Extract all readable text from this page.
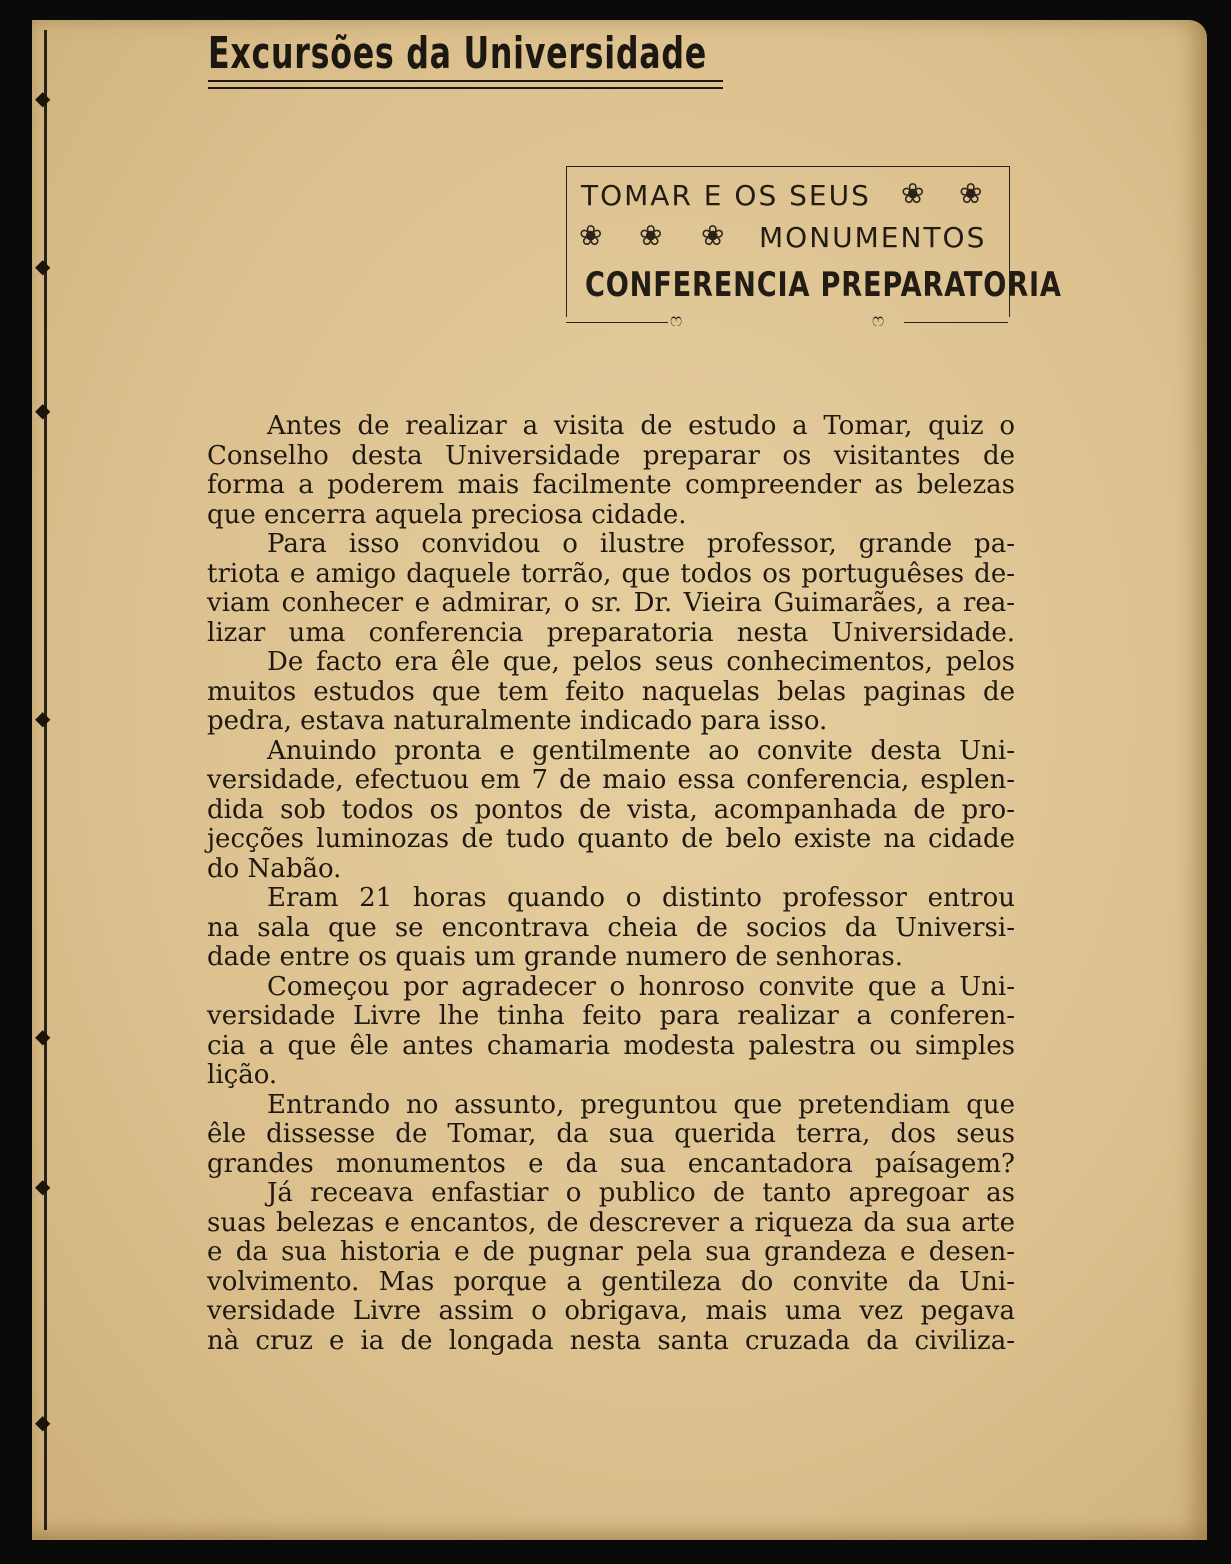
◆
◆
◆
◆
◆
◆
◆
Excursões da Universidade

TOMAR E OS SEUS ❀ ❀
❀ ❀ ❀ MONUMENTOS

CONFERENCIA PREPARATORIA

ෆ	ෆ
Antes de realizar a visita de estudo a Tomar, quiz o
Conselho desta Universidade preparar os visitantes de
forma a poderem mais facilmente compreender as belezas
que encerra aquela preciosa cidade.
Para isso convidou o ilustre professor, grande pa-
triota e amigo daquele torrão, que todos os portuguêses de-
viam conhecer e admirar, o sr. Dr. Vieira Guimarães, a rea-
lizar uma conferencia preparatoria nesta Universidade.
De facto era êle que, pelos seus conhecimentos, pelos
muitos estudos que tem feito naquelas belas paginas de
pedra, estava naturalmente indicado para isso.
Anuindo pronta e gentilmente ao convite desta Uni-
versidade, efectuou em 7 de maio essa conferencia, esplen-
dida sob todos os pontos de vista, acompanhada de pro-
jecções luminozas de tudo quanto de belo existe na cidade
do Nabão.
Eram 21 horas quando o distinto professor entrou
na sala que se encontrava cheia de socios da Universi-
dade entre os quais um grande numero de senhoras.
Começou por agradecer o honroso convite que a Uni-
versidade Livre lhe tinha feito para realizar a conferen-
cia a que êle antes chamaria modesta palestra ou simples
lição.
Entrando no assunto, preguntou que pretendiam que
êle dissesse de Tomar, da sua querida terra, dos seus
grandes monumentos e da sua encantadora paísagem?
Já receava enfastiar o publico de tanto apregoar as
suas belezas e encantos, de descrever a riqueza da sua arte
e da sua historia e de pugnar pela sua grandeza e desen-
volvimento. Mas porque a gentileza do convite da Uni-
versidade Livre assim o obrigava, mais uma vez pegava
nà cruz e ia de longada nesta santa cruzada da civiliza-
